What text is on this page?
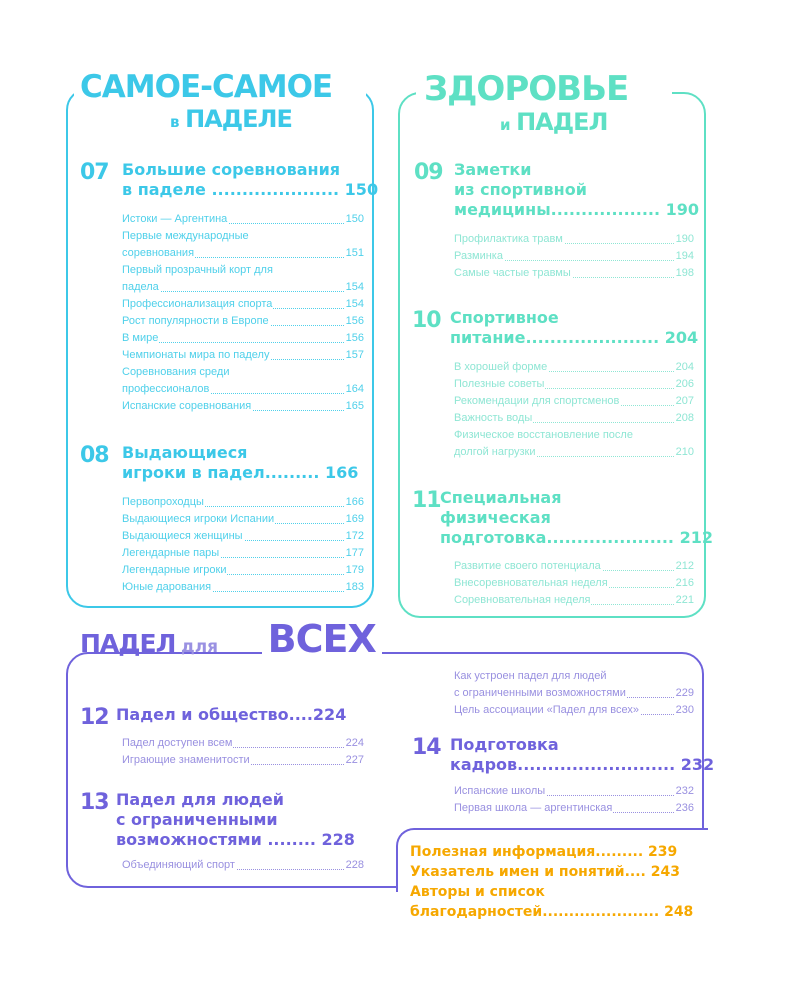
САМОЕ-САМОЕ
в ПАДЕЛЕ
07 Большие соревнования
в паделе ..................... 150
Истоки — Аргентина	150
Первые международные
соревнования	151
Первый прозрачный корт для
падела	154
Профессионализация спорта	154
Рост популярности в Европе	156
В мире	156
Чемпионаты мира по паделу	157
Соревнования среди
профессионалов	164
Испанские соревнования	165
08 Выдающиеся
игроки в падел......... 166
Первопроходцы	166
Выдающиеся игроки Испании	169
Выдающиеся женщины	172
Легендарные пары	177
Легендарные игроки	179
Юные дарования	183
ЗДОРОВЬЕ
и ПАДЕЛ
09 Заметки
из спортивной
медицины.................. 190
Профилактика травм	190
Разминка	194
Самые частые травмы	198
10 Спортивное
питание...................... 204
В хорошей форме	204
Полезные советы	206
Рекомендации для спортсменов	207
Важность воды	208
Физическое восстановление после
долгой нагрузки	210
11 Специальная
физическая
подготовка..................... 212
Развитие своего потенциала	212
Внесоревновательная неделя	216
Соревновательная неделя	221
ПАДЕЛ для ВСЕХ
12 Падел и общество....224
Падел доступен всем	224
Играющие знаменитости	227
13 Падел для людей
с ограниченными
возможностями ........ 228
Объединяющий спорт	228
Как устроен падел для людей
с ограниченными возможностями	229
Цель ассоциации «Падел для всех»	230
14 Подготовка
кадров.......................... 232
Испанские школы	232
Первая школа — аргентинская	236
Полезная информация......... 239
Указатель имен и понятий.... 243
Авторы и список
благодарностей...................... 248
